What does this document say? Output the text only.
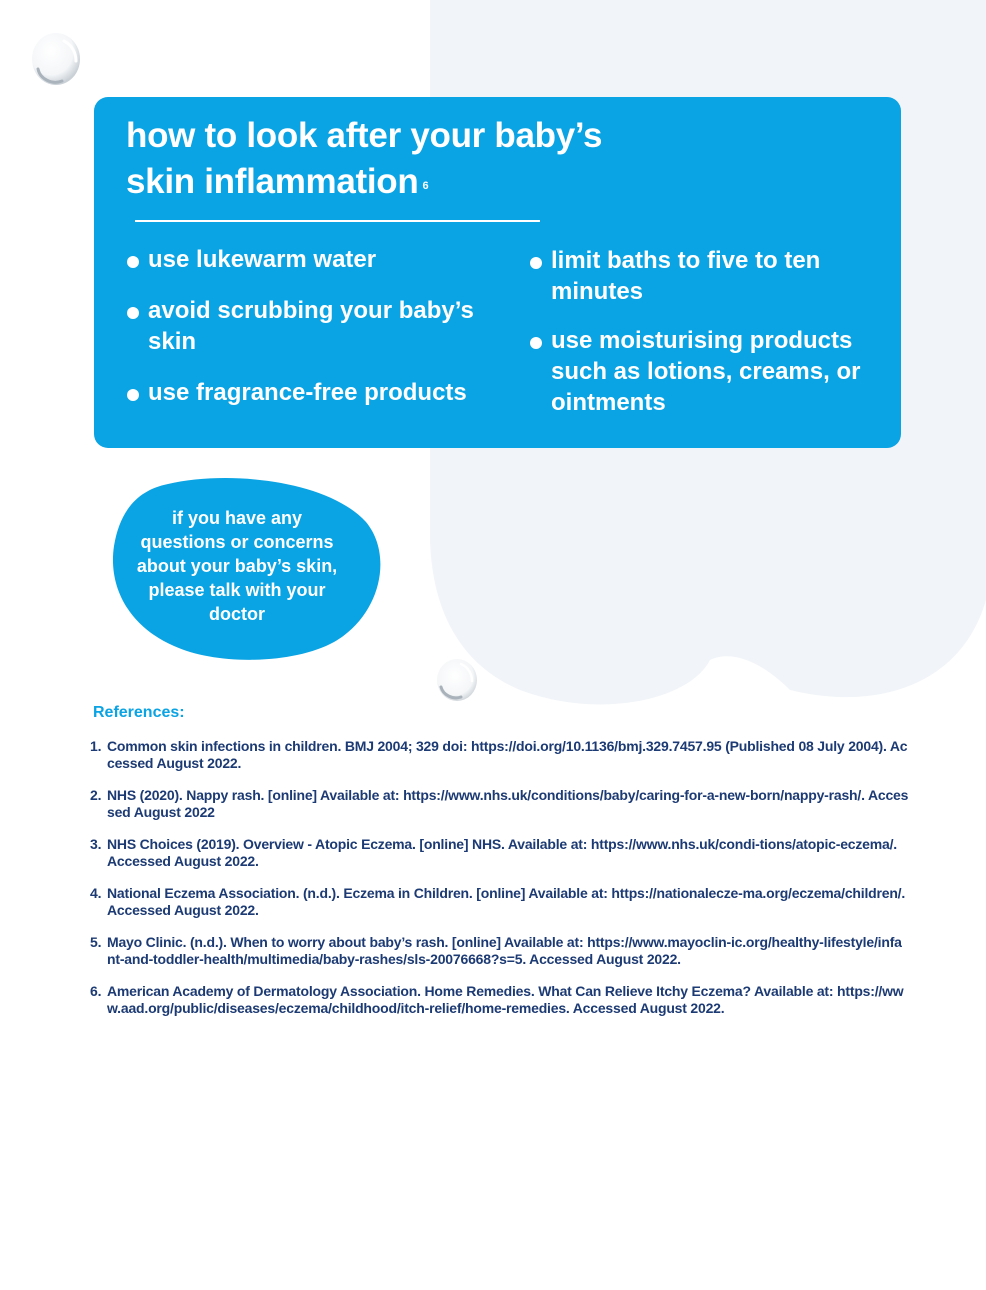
how to look after your baby’s
skin inflammation $^6$
use lukewarm water
avoid scrubbing your baby’s skin
use fragrance-free products
limit baths to five to ten minutes
use moisturising products such as lotions, creams, or ointments

if you have any questions or concerns about your baby’s skin, please talk with your doctor

References:
1. Common skin infections in children. BMJ 2004; 329 doi: https://doi.org/10.1136/bmj.329.7457.95 (Published 08 July 2004). Accessed August 2022.
2. NHS (2020). Nappy rash. [online] Available at: https://www.nhs.uk/conditions/baby/caring-for-a-new-born/nappy-rash/. Accessed August 2022
3. NHS Choices (2019). Overview - Atopic Eczema. [online] NHS. Available at: https://www.nhs.uk/condi-tions/atopic-eczema/. Accessed August 2022.
4. National Eczema Association. (n.d.). Eczema in Children. [online] Available at: https://nationalecze-ma.org/eczema/children/. Accessed August 2022.
5. Mayo Clinic. (n.d.). When to worry about baby’s rash. [online] Available at: https://www.mayoclin-ic.org/healthy-lifestyle/infant-and-toddler-health/multimedia/baby-rashes/sls-20076668?s=5. Accessed August 2022.
6. American Academy of Dermatology Association. Home Remedies. What Can Relieve Itchy Eczema? Available at: https://www.aad.org/public/diseases/eczema/childhood/itch-relief/home-remedies. Accessed August 2022.
